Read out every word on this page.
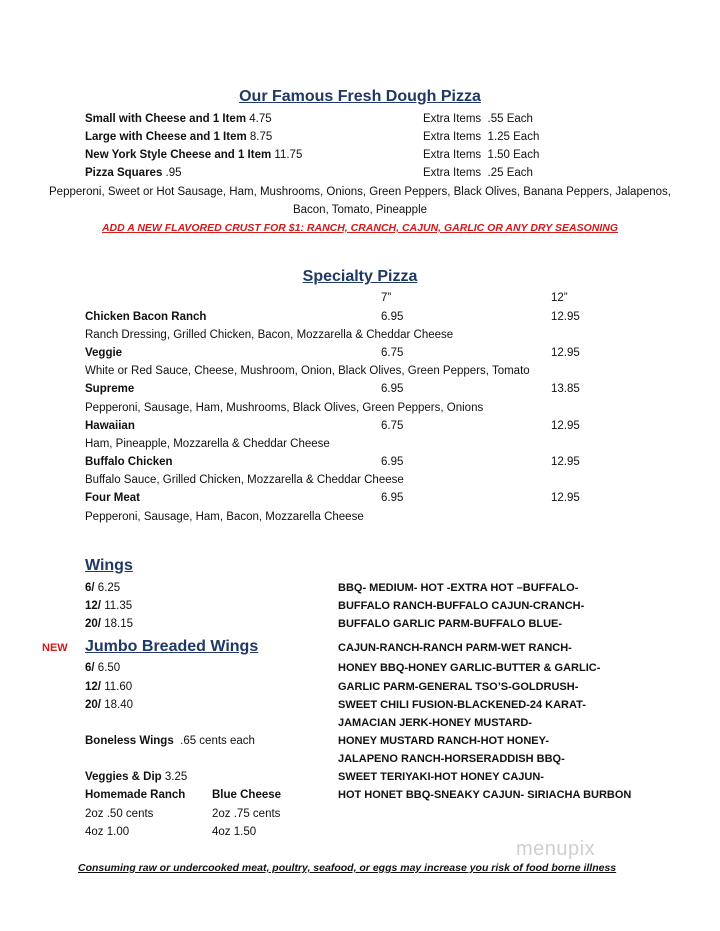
Our Famous Fresh Dough Pizza
Small with Cheese and 1 Item 4.75	Extra Items .55 Each
Large with Cheese and 1 Item 8.75	Extra Items 1.25 Each
New York Style Cheese and 1 Item 11.75	Extra Items 1.50 Each
Pizza Squares .95	Extra Items .25 Each
Pepperoni, Sweet or Hot Sausage, Ham, Mushrooms, Onions, Green Peppers, Black Olives, Banana Peppers, Jalapenos,
Bacon, Tomato, Pineapple
ADD A NEW FLAVORED CRUST FOR $1: RANCH, CRANCH, CAJUN, GARLIC OR ANY DRY SEASONING
Specialty Pizza
7”	12”
Chicken Bacon Ranch	6.95	12.95
Ranch Dressing, Grilled Chicken, Bacon, Mozzarella & Cheddar Cheese
Veggie	6.75	12.95
White or Red Sauce, Cheese, Mushroom, Onion, Black Olives, Green Peppers, Tomato
Supreme	6.95	13.85
Pepperoni, Sausage, Ham, Mushrooms, Black Olives, Green Peppers, Onions
Hawaiian	6.75	12.95
Ham, Pineapple, Mozzarella & Cheddar Cheese
Buffalo Chicken	6.95	12.95
Buffalo Sauce, Grilled Chicken, Mozzarella & Cheddar Cheese
Four Meat	6.95	12.95
Pepperoni, Sausage, Ham, Bacon, Mozzarella Cheese
Wings
6/ 6.25
12/ 11.35
20/ 18.15
NEW Jumbo Breaded Wings
6/ 6.50
12/ 11.60
20/ 18.40
Boneless Wings .65 cents each
Veggies & Dip 3.25
Homemade Ranch Blue Cheese
2oz .50 cents	2oz .75 cents
4oz 1.00	4oz 1.50
BBQ- MEDIUM- HOT -EXTRA HOT –BUFFALO-
BUFFALO RANCH-BUFFALO CAJUN-CRANCH-
BUFFALO GARLIC PARM-BUFFALO BLUE-
CAJUN-RANCH-RANCH PARM-WET RANCH-
HONEY BBQ-HONEY GARLIC-BUTTER & GARLIC-
GARLIC PARM-GENERAL TSO’S-GOLDRUSH-
SWEET CHILI FUSION-BLACKENED-24 KARAT-
JAMACIAN JERK-HONEY MUSTARD-
HONEY MUSTARD RANCH-HOT HONEY-
JALAPENO RANCH-HORSERADDISH BBQ-
SWEET TERIYAKI-HOT HONEY CAJUN-
HOT HONET BBQ-SNEAKY CAJUN- SIRIACHA BURBON
menupix
Consuming raw or undercooked meat, poultry, seafood, or eggs may increase you risk of food borne illness
